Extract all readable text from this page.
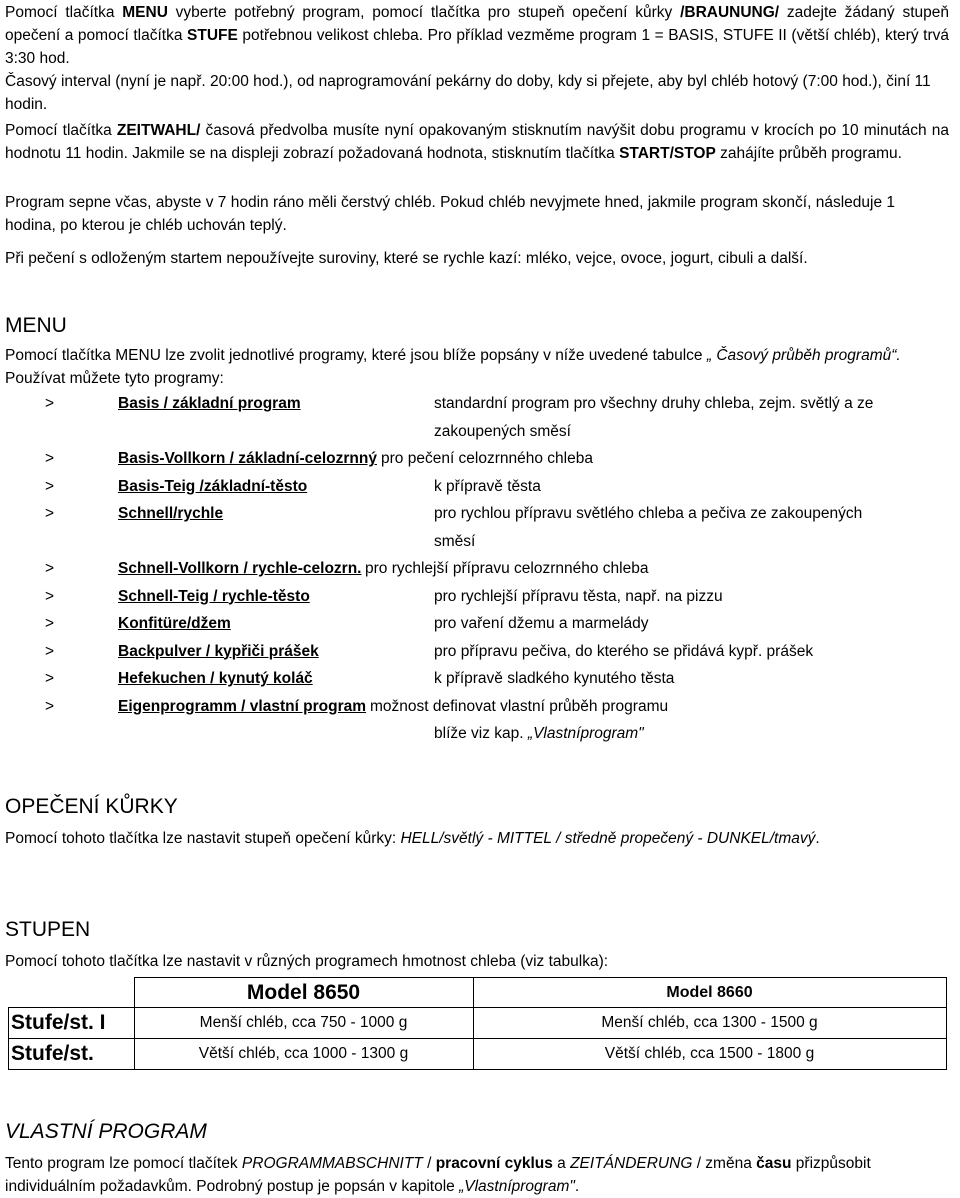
Pomocí tlačítka MENU vyberte potřebný program, pomocí tlačítka pro stupeň opečení kůrky /BRAUNUNG/ zadejte žádaný stupeň opečení a pomocí tlačítka STUFE potřebnou velikost chleba. Pro příklad vezměme program 1 = BASIS, STUFE II (větší chléb), který trvá 3:30 hod.

Časový interval (nyní je např. 20:00 hod.), od naprogramování pekárny do doby, kdy si přejete, aby byl chléb hotový (7:00 hod.), činí 11 hodin.

Pomocí tlačítka ZEITWAHL/ časová předvolba musíte nyní opakovaným stisknutím navýšit dobu programu v krocích po 10 minutách na hodnotu 11 hodin. Jakmile se na displeji zobrazí požadovaná hodnota, stisknutím tlačítka START/STOP zahájíte průběh programu.

Program sepne včas, abyste v 7 hodin ráno měli čerstvý chléb. Pokud chléb nevyjmete hned, jakmile program skončí, následuje 1 hodina, po kterou je chléb uchován teplý.

Při pečení s odloženým startem nepoužívejte suroviny, které se rychle kazí: mléko, vejce, ovoce, jogurt, cibuli a další.

MENU

Pomocí tlačítka MENU lze zvolit jednotlivé programy, které jsou blíže popsány v níže uvedené tabulce „ Časový průběh programů“. Používat můžete tyto programy:

>	Basis / základní program	standardní program pro všechny druhy chleba, zejm. světlý a ze
zakoupených směsí
>	Basis-Vollkorn / základní-celozrnný pro pečení celozrnného chleba
>	Basis-Teig /základní-těsto	k přípravě těsta
>	Schnell/rychle	pro rychlou přípravu světlého chleba a pečiva ze zakoupených
směsí
>	Schnell-Vollkorn / rychle-celozrn. pro rychlejší přípravu celozrnného chleba
>	Schnell-Teig / rychle-těsto	pro rychlejší přípravu těsta, např. na pizzu
>	Konfitüre/džem	pro vaření džemu a marmelády
>	Backpulver / kypřiči prášek	pro přípravu pečiva, do kterého se přidává kypř. prášek
>	Hefekuchen / kynutý koláč	k přípravě sladkého kynutého těsta
>	Eigenprogramm / vlastní program možnost definovat vlastní průběh programu
blíže viz kap. „Vlastníprogram"
OPEČENÍ KŮRKY

Pomocí tohoto tlačítka lze nastavit stupeň opečení kůrky: HELL/světlý - MITTEL / středně propečený - DUNKEL/tmavý.

STUPEN

Pomocí tohoto tlačítka lze nastavit v různých programech hmotnost chleba (viz tabulka):

	Model 8650	Model 8660
Stufe/st. I	Menší chléb, cca 750 - 1000 g	Menší chléb, cca 1300 - 1500 g
Stufe/st.	Větší chléb, cca 1000 - 1300 g	Větší chléb, cca 1500 - 1800 g
VLASTNÍ PROGRAM

Tento program lze pomocí tlačítek PROGRAMMABSCHNITT / pracovní cyklus a ZEITÁNDERUNG / změna času přizpůsobit individuálním požadavkům. Podrobný postup je popsán v kapitole „Vlastníprogram".
